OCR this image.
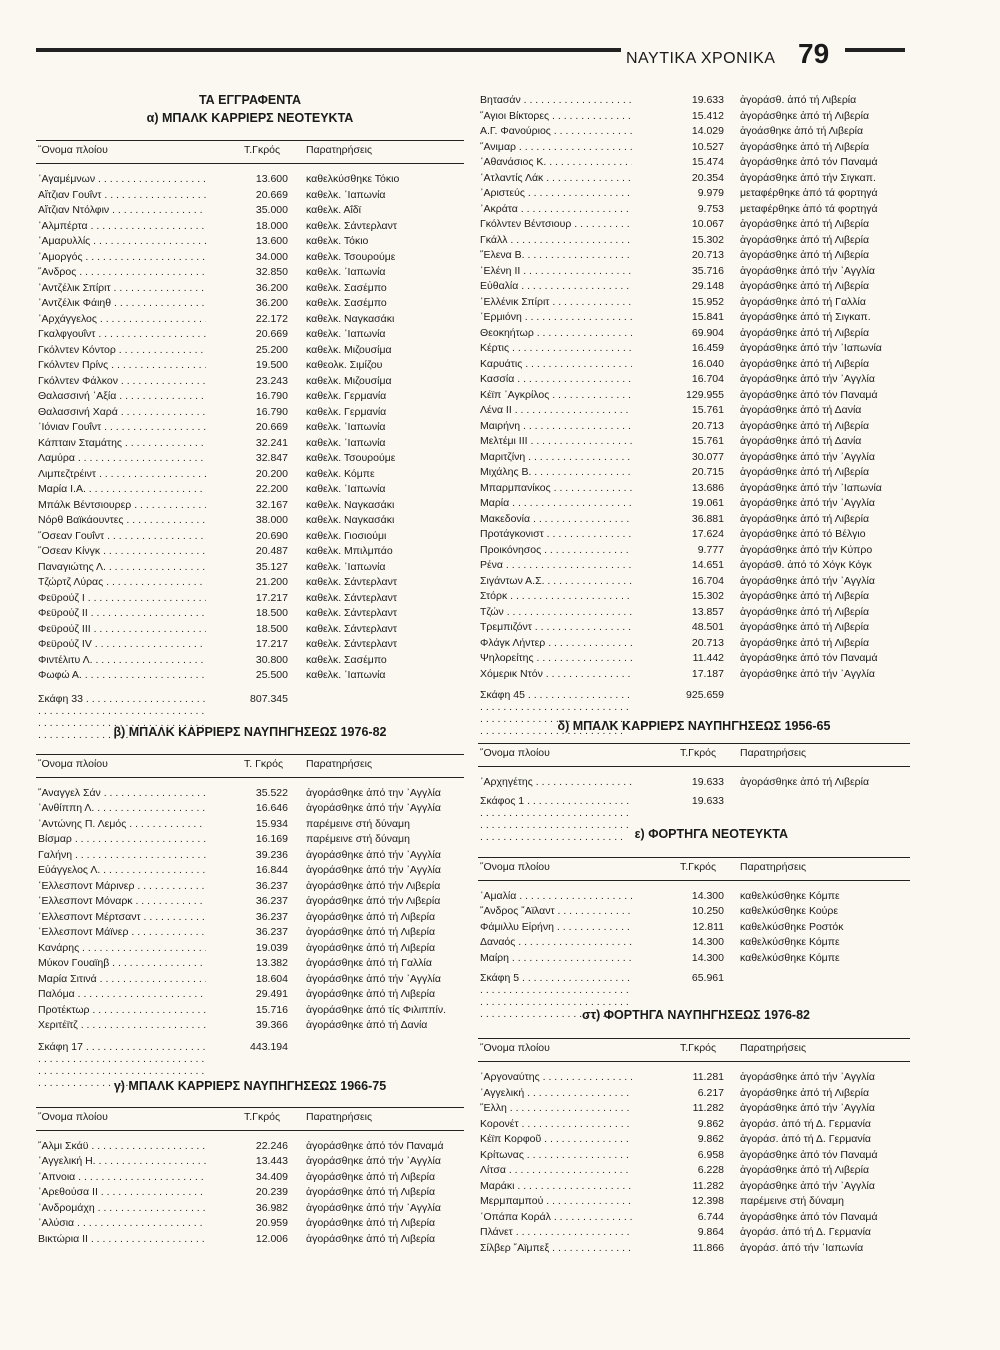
ΝΑΥΤΙΚΑ ΧΡΟΝΙΚΑ 79
ΤΑ ΕΓΓΡΑΦΕΝΤΑ
α) ΜΠΑΛΚ ΚΑΡΡΙΕΡΣ ΝΕΟΤΕΥΚΤΑ
῞Ονομα πλοίου	Τ.Γκρός Παρατηρήσεις
᾿Αγαμέμνων . . .	13.600 καθελκύσθηκε Τόκιο
Αἴτζιαν Γουΐντ . . .	20.669 καθελκ. ᾿Ιαπωνία
Αἴτζιαν Ντόλφιν . . .	35.000 καθελκ. Αΐδϊ
᾿Αλμπέρτα . . .	18.000 καθελκ. Σάντερλαντ
᾿Αμαρυλλίς . . .	13.600 καθελκ. Τόκιο
᾿Αμοργός . . .	34.000 καθελκ. Τσουρούμε
῎Ανδρος . . .	32.850 καθελκ. ᾿Ιαπωνία
᾿Αντζέλικ Σπίριτ . . .	36.200 καθελκ. Σασέμπο
᾿Αντζέλικ Φάιηθ . . .	36.200 καθελκ. Σασέμπο
᾿Αρχάγγελος . . .	22.172 καθελκ. Ναγκασάκι
Γκαλφγουΐντ . . .	20.669 καθελκ. ᾿Ιαπωνία
Γκόλντεν Κόντορ . . .	25.200 καθελκ. Μιζουσίμα
Γκόλντεν Πρίνς . . .	19.500 καθεολκ. Σιμίζου
Γκόλντεν Φάλκον . . .	23.243 καθελκ. Μιζουσίμα
Θαλασσινή ᾿Αξία . . .	16.790 καθελκ. Γερμανία
Θαλασσινή Χαρά . . .	16.790 καθελκ. Γερμανία
᾿Ιόνιαν Γουΐντ . . .	20.669 καθελκ. ᾿Ιαπωνία
Κάπταιν Σταμάτης . . .	32.241 καθελκ. ᾿Ιαπωνία
Λαμύρα . . .	32.847 καθελκ. Τσουρούμε
Λιμπεζτρέιντ . . .	20.200 καθελκ. Κόμπε
Μαρία Ι.Α. . . .	22.200 καθελκ. ᾿Ιαπωνία
Μπάλκ Βέντσιουρερ . . .	32.167 καθελκ. Ναγκασάκι
Νόρθ Βαϊκάουντες . . .	38.000 καθελκ. Ναγκασάκι
῞Οσεαν Γουΐντ . . .	20.690 καθελκ. Γιοσιούμι
῞Οσεαν Κίνγκ . . .	20.487 καθελκ. Μπιλμπάο
Παναγιώτης Λ. . . .	35.127 καθελκ. ᾿Ιαπωνία
Τζώρτζ Λύρας . . .	21.200 καθελκ. Σάντερλαντ
Φεϋρούζ Ι . . .	17.217 καθελκ. Σάντερλαντ
Φεϋρούζ ΙΙ . . .	18.500 καθελκ. Σάντερλαντ
Φεϋρούζ ΙΙΙ . . .	18.500 καθελκ. Σάντερλαντ
Φεϋρούζ ΙV . . .	17.217 καθελκ. Σάντερλαντ
Φιντέλιτυ Λ. . . .	30.800 καθελκ. Σασέμπο
Φωφώ Α. . . .	25.500 καθελκ. ᾿Ιαπωνία
Σκάφη 33 . . .	807.345
β) ΜΠΑΛΚ ΚΑΡΡΙΕΡΣ ΝΑΥΠΗΓΗΣΕΩΣ 1976-82
῞Ονομα πλοίου	Τ. Γκρός Παρατηρήσεις
῎Αναγγελ Σάν . . .	35.522 ἀγοράσθηκε ἀπό την ᾿Αγγλία
᾿Ανθίππη Λ. . . .	16.646 ἀγοράσθηκε ἀπό τήν ᾿Αγγλία
᾿Αντώνης Π. Λεμός . . .	15.934 παρέμεινε στή δύναμη
Βίσμαρ . . .	16.169 παρέμεινε στή δύναμη
Γαλήνη . . .	39.236 ἀγοράσθηκε ἀπό τήν ᾿Αγγλία
Εὐάγγελος Λ. . . .	16.844 ἀγοράσθηκε ἀπό τήν ᾿Αγγλία
῾Ελλεσποντ Μάρινερ . . .	36.237 ἀγοράσθηκε ἀπό τήν Λιβερία
῾Ελλεσποντ Μόναρκ . . .	36.237 ἀγοράσθηκε ἀπό τήν Λιβερία
῾Ελλεσποντ Μέρτσαντ . . .	36.237 ἀγοράσθηκε ἀπό τή Λιβερία
῾Ελλεσποντ Μάϊνερ . . .	36.237 ἀγοράσθηκε ἀπό τή Λιβερία
Κανάρης . . .	19.039 ἀγοράσθηκε ἀπό τή Λιβερία
Μύκον Γουαϊηβ . . .	13.382 ἀγοράσθηκε ἀπό τή Γαλλία
Μαρία Σιτινά . . .	18.604 ἀγοράσθηκε ἀπό τήν ᾿Αγγλία
Παλόμα . . .	29.491 ἀγοράσθηκε ἀπό τή Λιβερία
Προτέκτωρ . . .	15.716 ἀγοράσθηκε ἀπό τίς Φιλιππίν.
Χεριτέϊτζ . . .	39.366 ἀγοράσθηκε ἀπό τή Δανία
Σκάφη 17 . . .	443.194
γ) ΜΠΑΛΚ ΚΑΡΡΙΕΡΣ ΝΑΥΠΗΓΗΣΕΩΣ 1966-75
῞Ονομα πλοίου	Τ.Γκρός Παρατηρήσεις
῎Αλμι Σκάϋ . . .	22.246 ἀγοράσθηκε ἀπό τόν Παναμά
᾿Αγγελική Η. . . .	13.443 ἀγοράσθηκε ἀπό τήν ᾿Αγγλία
᾿Απνοια . . .	34.409 ἀγοράσθηκε ἀπό τή Λιβερία
᾿Αρεθούσα ΙΙ . . .	20.239 ἀγοράσθηκε ἀπό τή Λιβερία
᾿Ανδρομάχη . . .	36.982 ἀγοράσθηκε ἀπό τήν ᾿Αγγλία
᾿Αλύσια . . .	20.959 ἀγοράσθηκε ἀπό τή Λιβερία
Βικτώρια ΙΙ . . .	12.006 ἀγοράσθηκε ἀπό τή Λιβερία
Βητασάν . . .	19.633 ἀγοράσθ. ἀπό τή Λιβερία
῞Αγιοι Βίκτορες . . .	15.412 ἀγοράσθηκε ἀπό τή Λιβερία
Α.Γ. Φανούριος . . .	14.029 ἀγοάσθηκε ἀπό τή Λιβερία
῞Ανιμαρ . . .	10.527 ἀγοράσθηκε ἀπό τή Λιβερία
᾿Αθανάσιος Κ. . . .	15.474 ἀγοράσθηκε ἀπό τόν Παναμά
᾿Ατλαντίς Λάκ . . .	20.354 ἀγοράσθηκε ἀπό τήν Σιγκαπ.
᾿Αριστεύς . . .	9.979 μεταφέρθηκε ἀπό τά φορτηγά
᾿Ακράτα . . .	9.753 μεταφέρθηκε ἀπό τά φορτηγά
Γκόλντεν Βέντσιουρ . . .	10.067 ἀγοράσθηκε ἀπό τή Λιβερία
Γκάλλ . . .	15.302 ἀγοράσθηκε ἀπό τή Λιβερία
῞Ελενα Β. . . .	20.713 ἀγοράσθηκε ἀπό τή Λιβερία
῾Ελένη ΙΙ . . .	35.716 ἀγοράσθηκε ἀπό τήν ᾿Αγγλία
Εὐθαλία . . .	29.148 ἀγοράσθηκε ἀπό τή Λιβερία
῾Ελλένικ Σπίριτ . . .	15.952 ἀγοράσθηκε ἀπό τή Γαλλία
῾Ερμιόνη . . .	15.841 ἀγοράσθηκε ἀπό τή Σιγκαπ.
Θεοκηήτωρ . . .	69.904 ἀγοράσθηκε ἀπό τή Λιβερία
Κέρτις . . .	16.459 ἀγοράσθηκε ἀπό τήν ᾿Ιαπωνία
Καρυάτις . . .	16.040 ἀγοράσθηκε ἀπό τή Λιβερία
Κασσία . . .	16.704 ἀγοράσθηκε ἀπό τήν ᾿Αγγλία
Κέϊπ ᾿Αγκρίλος . . .	129.955 ἀγοράσθηκε ἀπό τόν Παναμά
Λένα ΙΙ . . .	15.761 ἀγοράσθηκε ἀπό τή Δανία
Μαιρήνη . . .	20.713 ἀγοράσθηκε ἀπό τή Λιβερία
Μελτέμι ΙΙΙ . . .	15.761 ἀγοράσθηκε ἀπό τή Δανία
Μαριτζίνη . . .	30.077 ἀγοράσθηκε ἀπό τήν ᾿Αγγλία
Μιχάλης Β. . . .	20.715 ἀγοράσθηκε ἀπό τή Λιβερία
Μπαρμπανίκος . . .	13.686 ἀγοράσθηκε ἀπό τήν ᾿Ιαπωνία
Μαρία . . .	19.061 ἀγοράσθηκε ἀπό τήν ᾿Αγγλία
Μακεδονία . . .	36.881 ἀγοράσθηκε ἀπό τή Λιβερία
Προτάγκονιστ . . .	17.624 ἀγοράσθηκε ἀπό τό Βέλγιο
Προικόνησος . . .	9.777 ἀγοράσθηκε ἀπό τήν Κύπρο
Ρένα . . .	14.651 ἀγοράσθ. ἀπό τό Χόγκ Κόγκ
Σιγάντων Α.Σ. . . .	16.704 ἀγοράσθηκε ἀπό τήν ᾿Αγγλία
Στόρκ . . .	15.302 ἀγοράσθηκε ἀπό τή Λιβερία
Τζών . . .	13.857 ἀγοράσθηκε ἀπό τή Λιβερία
Τρεμπιζόντ . . .	48.501 ἀγοράσθηκε ἀπό τή Λιβερία
Φλάγκ Λήντερ . . .	20.713 ἀγοράσθηκε ἀπό τή Λιβερία
Ψηλορείτης . . .	11.442 ἀγοράσθηκε ἀπό τόν Παναμά
Χόμερικ Ντόν . . .	17.187 ἀγοράσθηκε ἀπό τήν ᾿Αγγλία
Σκάφη 45 . . .	925.659
δ) ΜΠΑΛΚ ΚΑΡΡΙΕΡΣ ΝΑΥΠΗΓΗΣΕΩΣ 1956-65
῞Ονομα πλοίου	Τ.Γκρός Παρατηρήσεις
᾿Αρχηγέτης . . .	19.633 ἀγοράσθηκε ἀπό τή Λιβερία
Σκάφος 1 . . .	19.633
ε) ΦΟΡΤΗΓΑ ΝΕΟΤΕΥΚΤΑ
῞Ονομα πλοίου	Τ.Γκρός Παρατηρήσεις
᾿Αμαλία . . .	14.300 καθελκύσθηκε Κόμπε
῎Ανδρος ῎Αϊλαντ . . .	10.250 καθελκύσθηκε Κούρε
Φάμιλλυ Εἰρήνη . . .	12.811 καθελκύσθηκε Ροστόκ
Δαναός . . .	14.300 καθελκύσθηκε Κόμπε
Μαίρη . . .	14.300 καθελκύσθηκε Κόμπε
Σκάφη 5 . . .	65.961
στ) ΦΟΡΤΗΓΑ ΝΑΥΠΗΓΗΣΕΩΣ 1976-82
῞Ονομα πλοίου	Τ.Γκρός Παρατηρήσεις
᾿Αργοναύτης . . .	11.281 ἀγοράσθηκε ἀπό τήν ᾿Αγγλία
᾿Αγγελική . . .	6.217 ἀγοράσθηκε ἀπό τή Λιβερία
῞Ελλη . . .	11.282 ἀγοράσθηκε ἀπό τήν ᾿Αγγλία
Κορονέτ . . .	9.862 ἀγοράσ. ἀπό τή Δ. Γερμανία
Κέϊπ Κορφοῦ . . .	9.862 ἀγοράσ. ἀπό τή Δ. Γερμανία
Κρίτωνας . . .	6.958 ἀγοράσθηκε ἀπό τόν Παναμά
Λίτσα . . .	6.228 ἀγοράσθηκε ἀπό τή Λιβερία
Μαράκι . . .	11.282 ἀγοράσθηκε ἀπό τήν ᾿Αγγλία
Μερμπαμπού . . .	12.398 παρέμεινε στή δύναμη
᾿Οπάπα Κοράλ . . .	6.744 ἀγοράσθηκε ἀπό τόν Παναμά
Πλάνετ . . .	9.864 ἀγοράσ. ἀπό τή Δ. Γερμανία
Σίλβερ ῎Αϊμπεξ . . .	11.866 ἀγοράσ. ἀπό τήν ᾿Ιαπωνία
